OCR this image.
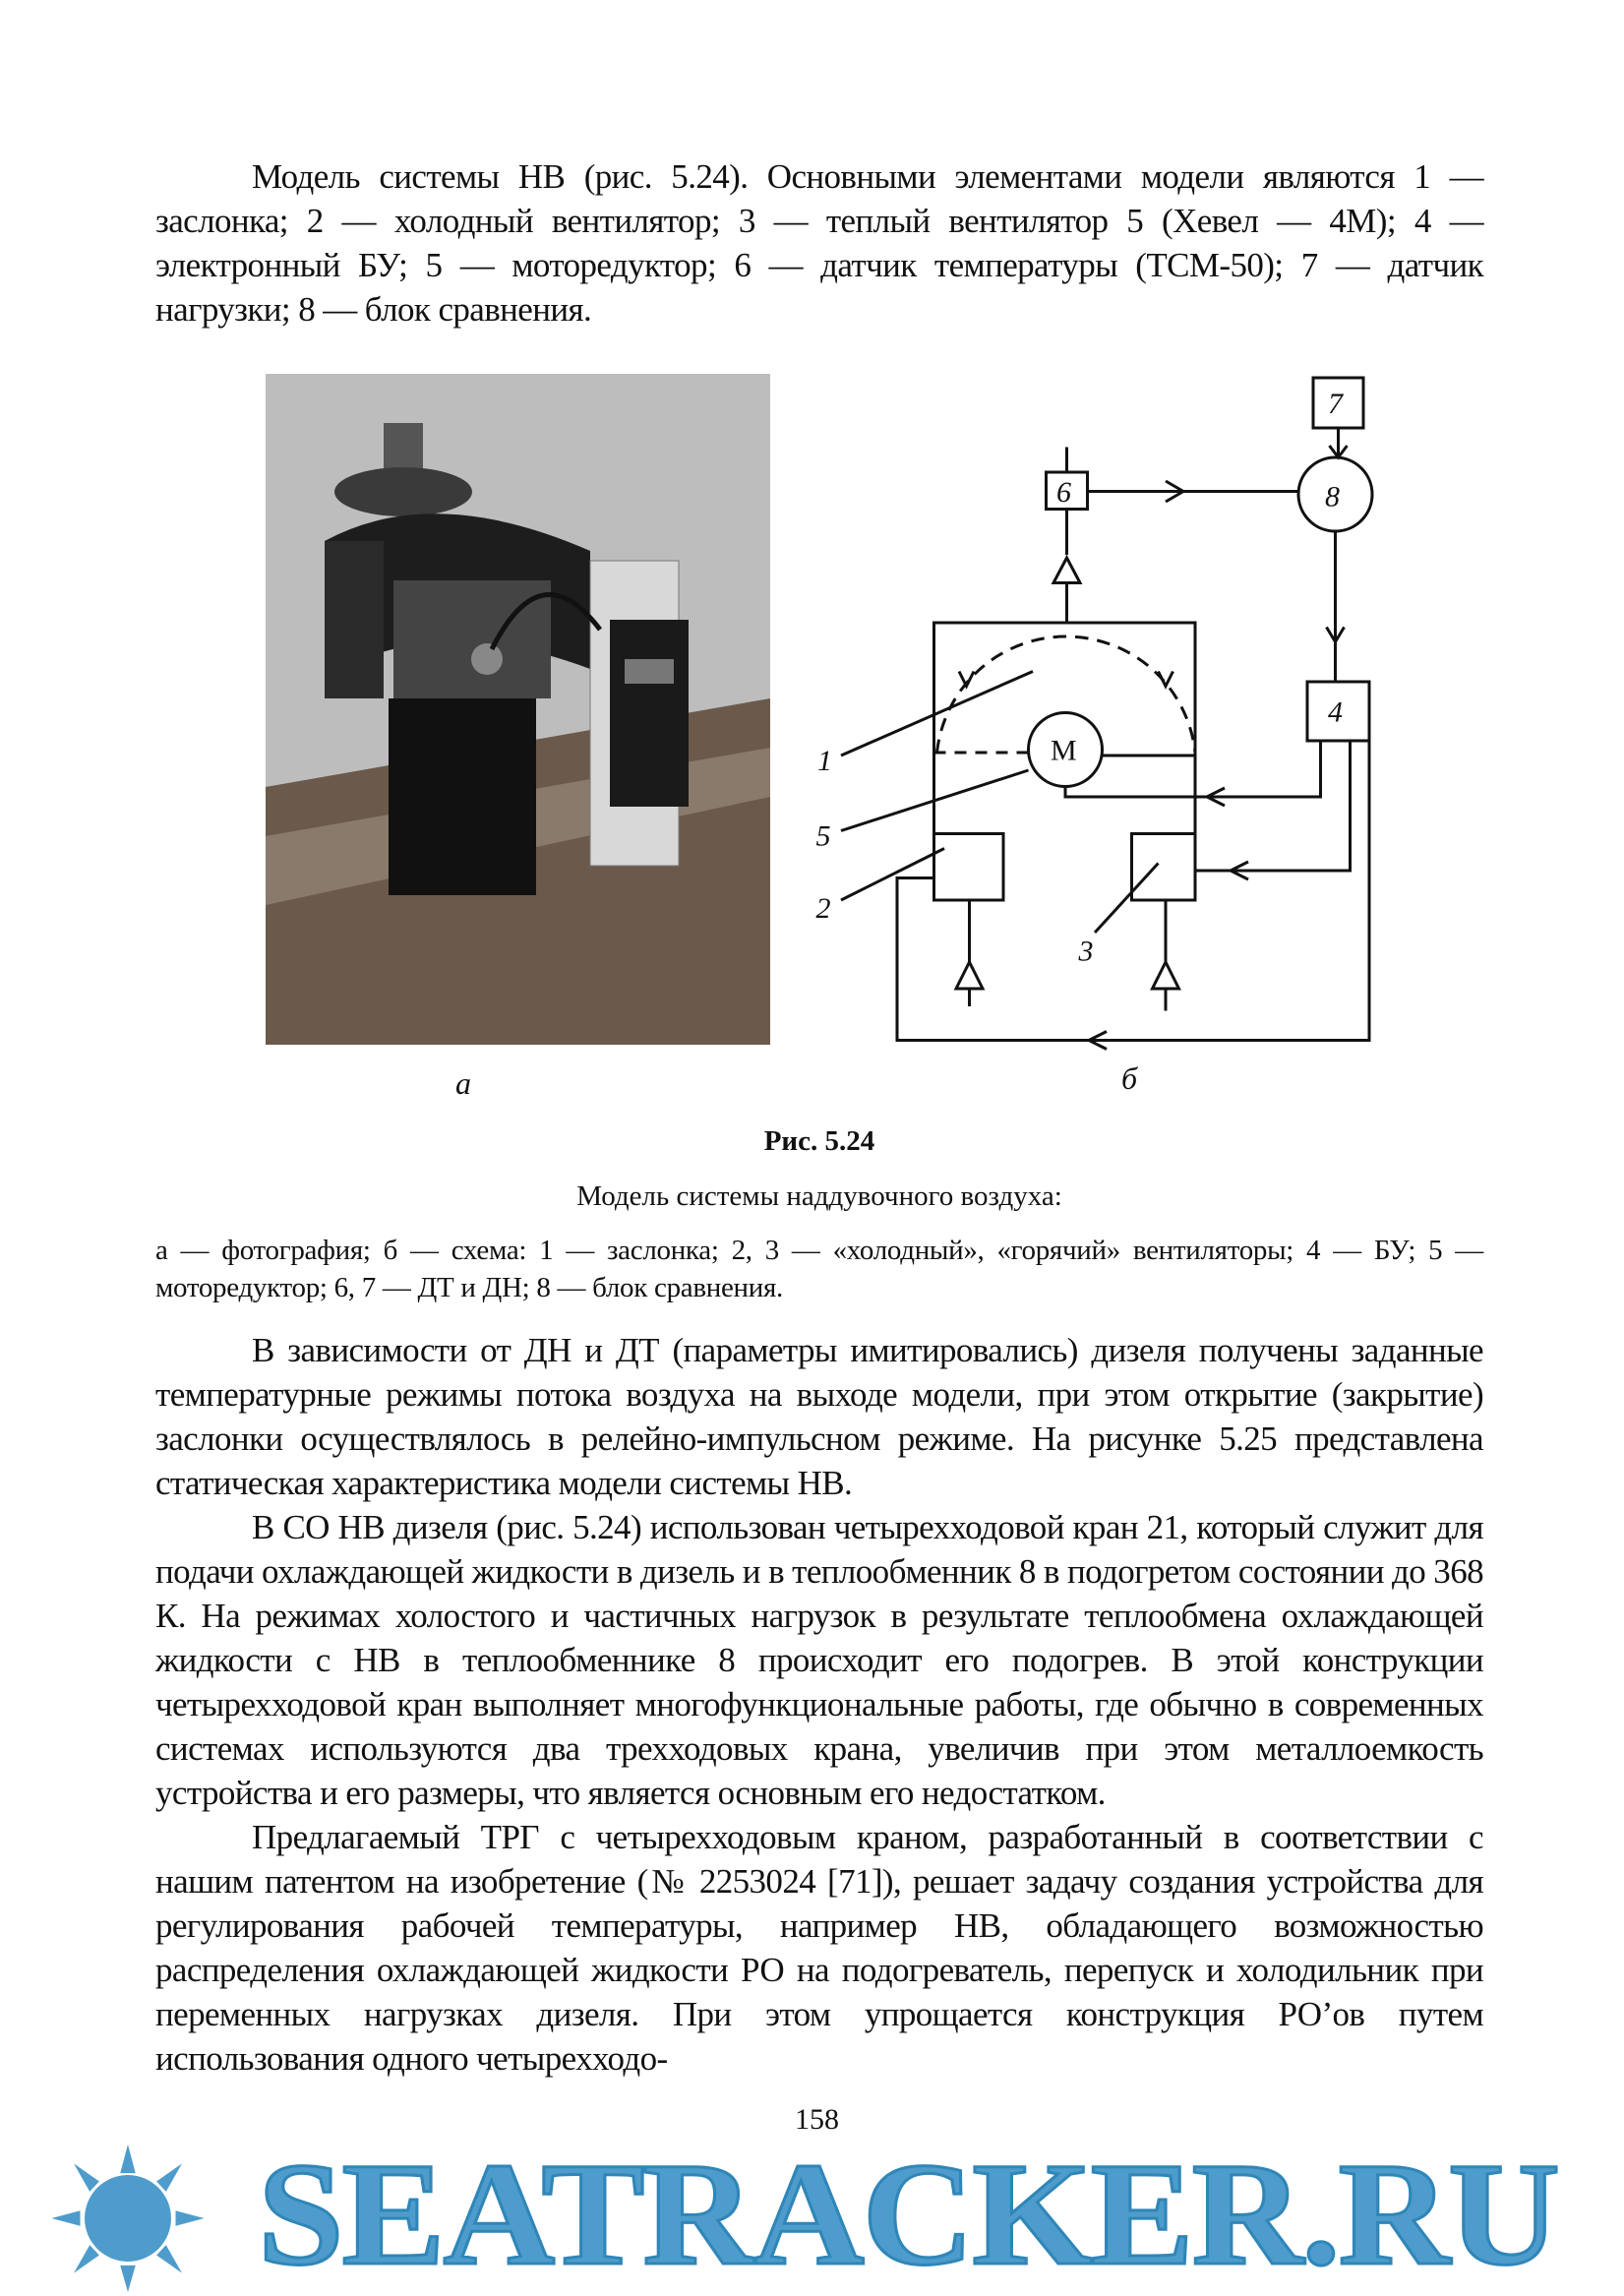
Модель системы НВ (рис. 5.24). Основными элементами модели являются 1 — заслонка; 2 — холодный вентилятор; 3 — теплый вентилятор 5 (Хевел — 4М); 4 — электронный БУ; 5 — моторедуктор; 6 — датчик температуры (ТСМ-50); 7 — датчик нагрузки; 8 — блок сравнения.
7
8
6
4
1
5
2
3
М
а	б
Рис. 5.24
Модель системы наддувочного воздуха:
а — фотография; б — схема: 1 — заслонка; 2, 3 — «холодный», «горячий» вентиляторы; 4 — БУ; 5 — моторедуктор; 6, 7 — ДТ и ДН; 8 — блок сравнения.
В зависимости от ДН и ДТ (параметры имитировались) дизеля получены заданные температурные режимы потока воздуха на выходе модели, при этом открытие (закрытие) заслонки осуществлялось в релейно-импульсном режиме. На рисунке 5.25 представлена статическая характеристика модели системы НВ.
В СО НВ дизеля (рис. 5.24) использован четырехходовой кран 21, который служит для подачи охлаждающей жидкости в дизель и в теплообменник 8 в подогретом состоянии до 368 К. На режимах холостого и частичных нагрузок в результате теплообмена охлаждающей жидкости с НВ в теплообменнике 8 происходит его подогрев. В этой конструкции четырехходовой кран выполняет многофункциональные работы, где обычно в современных системах используются два трехходовых крана, увеличив при этом металлоемкость устройства и его размеры, что является основным его недостатком.
Предлагаемый ТРГ с четырехходовым краном, разработанный в соответствии с нашим патентом на изобретение (№ 2253024 [71]), решает задачу создания устройства для регулирования рабочей температуры, например НВ, обладающего возможностью распределения охлаждающей жидкости РО на подогреватель, перепуск и холодильник при переменных нагрузках дизеля. При этом упрощается конструкция РО’ов путем использования одного четырехходо-
SEATRACKER.RU
158
